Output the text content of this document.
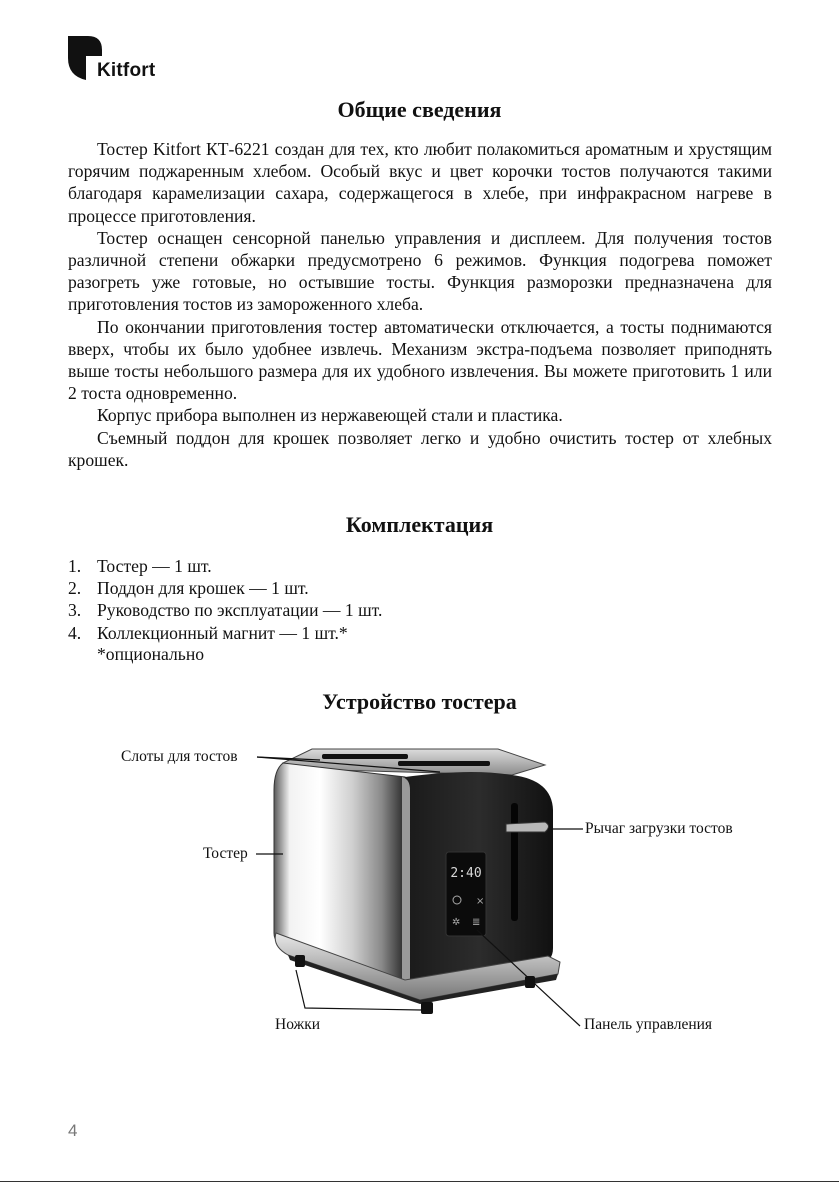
Kitfort
Общие сведения

Тостер Kitfort КТ-6221 создан для тех, кто любит полакомиться ароматным и хрустящим горячим поджаренным хлебом. Особый вкус и цвет корочки тостов получаются такими благодаря карамелизации сахара, содержащегося в хлебе, при инфракрасном нагреве в процессе приготовления.

Тостер оснащен сенсорной панелью управления и дисплеем. Для получения тостов различной степени обжарки предусмотрено 6 режимов. Функция подогрева поможет разогреть уже готовые, но остывшие тосты. Функция разморозки предназначена для приготовления тостов из замороженного хлеба.

По окончании приготовления тостер автоматически отключается, а тосты поднимаются вверх, чтобы их было удобнее извлечь. Механизм экстра-подъема позволяет приподнять выше тосты небольшого размера для их удобного извлечения. Вы можете приготовить 1 или 2 тоста одновременно.

Корпус прибора выполнен из нержавеющей стали и пластика.

Съемный поддон для крошек позволяет легко и удобно очистить тостер от хлебных крошек.

Комплектация
1. Тостер — 1 шт.
2. Поддон для крошек — 1 шт.
3. Руководство по эксплуатации — 1 шт.
4. Коллекционный магнит — 1 шт.*
*опционально
Устройство тостера
2:40
×
✲ ≣
Слоты для тостов
Тостер
Ножки
Рычаг загрузки тостов
Панель управления
4
